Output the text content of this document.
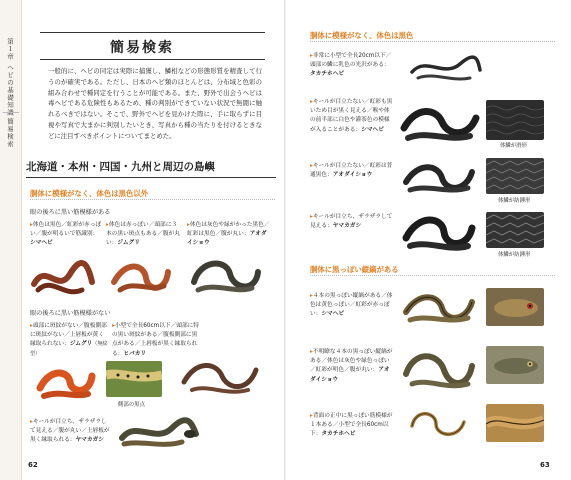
第１章 ヘビの基礎知識
簡易検索
簡易検索

一般的に、ヘビの同定は実際に捕獲し、鱗相などの形態形質を精査して行うのが確実である。ただし、日本のヘビ類のほとんどは、分布域と色彩の組み合わせで種同定を行うことが可能である。また、野外で出会うヘビは毒ヘビである危険性もあるため、種の判別ができていない状況で無闇に触れるべきではない。そこで、野外でヘビを見かけた際に、手に取らずに目視や写真で大まかに判別したいとき、写真から種の当たりを付けるときなどに注目すべきポイントについてまとめた。

北海道・本州・四国・九州と周辺の島嶼
胴体に模様がなく、体色は黒色以外
眼の後ろに黒い筋模様がある
▸体色は黒色／虹彩が赤っぽい／腹が明るいで筋識別：シマヘビ
▸体色は赤っぽい／頭部に３本の黒い斑点もある／腹が丸い：ジムグリ
▸体色は灰色や緑がかった黒色／虹彩は黒色／腹が丸い：アオダイショウ
眼の後ろに黒い筋模様がない
▸頭部に斑紋がない／腹板側部に斑紋がない／上唇板が黄く縁取られない：ジムグリ（無紋型）
▸小型で全長60cm以下／頭部に特の黒い斑紋がある／腹板側部に黒点がある／上唇板が黒く縁取られる：ヒバカリ
側部の黒点
▸キールが目立ち、ザラザラして見える／腹が丸い／上唇板が黒く縁取られる：ヤマカガシ
62
胴体に模様がなく、体色は黒色
▸非常に小型で全長20cm以下／頭部の鱗に乳色の光沢がある：タカチホヘビ
▸キールが目立たない／虹彩も黒いため目が黒く見える／喉や体の前半部に白色や灌茶色の模様が入ることがある：シマヘビ
体鱗が滑形
▸キールが目立たない／虹彩は普通黒色：アオダイショウ
体鱗が紡錘形
▸キールが目立ち、ザラザラして見える：ヤマカガシ
体鱗が紡錘形
胴体に黒っぽい縦縞がある
▸４本の黒っぽい縦縞がある／体色は黄色っぽい／虹彩が赤っぽい：シマヘビ
▸不明瞭な４本の黒っぽい縦縞がある／体色は灰色や緑色っぽい／虹彩が明色／腹が丸い：アオダイショウ
▸背面の正中に黒っぽい筋模様が１本ある／小型で全長60cm以下：タカチホヘビ
63
